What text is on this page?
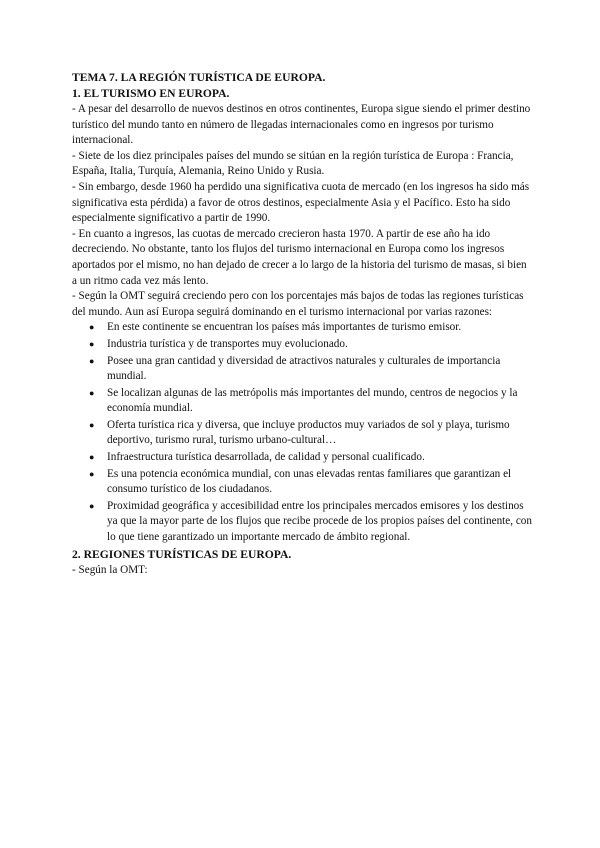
TEMA 7. LA REGIÓN TURÍSTICA DE EUROPA.
1. EL TURISMO EN EUROPA.

- A pesar del desarrollo de nuevos destinos en otros continentes, Europa sigue siendo el primer destino turístico del mundo tanto en número de llegadas internacionales como en ingresos por turismo internacional.

- Siete de los diez principales países del mundo se sitúan en la región turística de Europa : Francia, España, Italia, Turquía, Alemania, Reino Unido y Rusia.

- Sin embargo, desde 1960 ha perdido una significativa cuota de mercado (en los ingresos ha sido más significativa esta pérdida) a favor de otros destinos, especialmente Asia y el Pacífico. Esto ha sido especialmente significativo a partir de 1990.

- En cuanto a ingresos, las cuotas de mercado crecieron hasta 1970. A partir de ese año ha ido decreciendo. No obstante, tanto los flujos del turismo internacional en Europa como los ingresos aportados por el mismo, no han dejado de crecer a lo largo de la historia del turismo de masas, si bien a un ritmo cada vez más lento.

- Según la OMT seguirá creciendo pero con los porcentajes más bajos de todas las regiones turísticas del mundo. Aun así Europa seguirá dominando en el turismo internacional por varias razones:

● En este continente se encuentran los países más importantes de turismo emisor.
● Industria turística y de transportes muy evolucionado.
● Posee una gran cantidad y diversidad de atractivos naturales y culturales de importancia mundial.
● Se localizan algunas de las metrópolis más importantes del mundo, centros de negocios y la economía mundial.
● Oferta turística rica y diversa, que incluye productos muy variados de sol y playa, turismo deportivo, turismo rural, turismo urbano-cultural…
● Infraestructura turística desarrollada, de calidad y personal cualificado.
● Es una potencia económica mundial, con unas elevadas rentas familiares que garantizan el consumo turístico de los ciudadanos.
● Proximidad geográfica y accesibilidad entre los principales mercados emisores y los destinos ya que la mayor parte de los flujos que recibe procede de los propios países del continente, con lo que tiene garantizado un importante mercado de ámbito regional.
2. REGIONES TURÍSTICAS DE EUROPA.

- Según la OMT:
